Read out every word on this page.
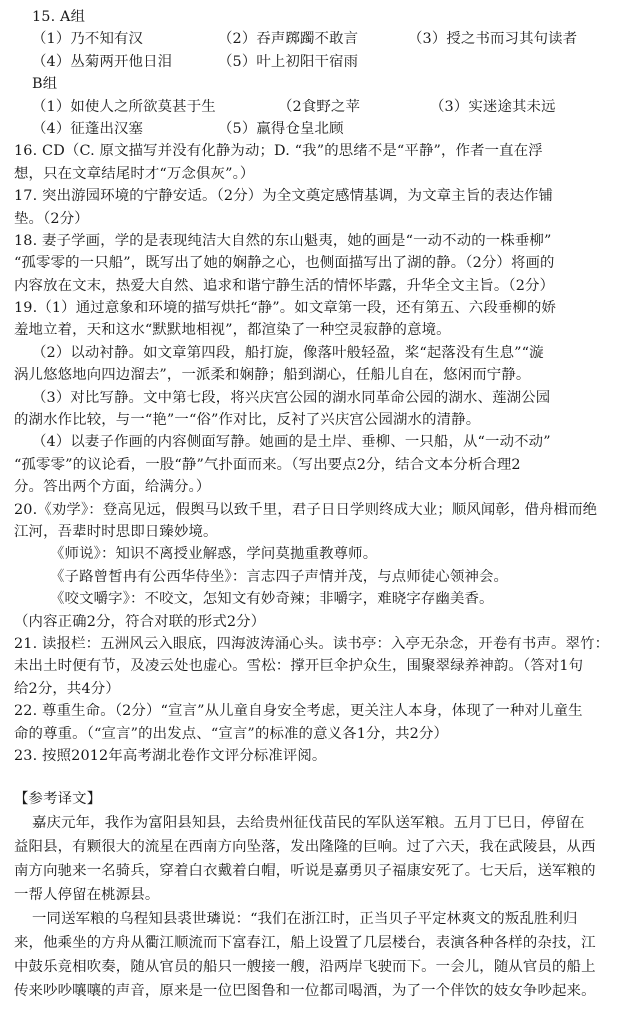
15. A组
（1）乃不知有汉	（2）吞声踯躅不敢言	（3）授之书而习其句读者
（4）丛菊两开他日泪	（5）叶上初阳干宿雨
B组
（1）如使人之所欲莫甚于生	（2食野之苹	（3）实迷途其未远
（4）征蓬出汉塞	（5）羸得仓皇北顾
16. CD（C. 原文描写并没有化静为动；D. “我”的思绪不是“平静”，作者一直在浮
想，只在文章结尾时才“万念俱灰”。）
17. 突出游园环境的宁静安适。（2分）为全文奠定感情基调，为文章主旨的表达作铺
垫。（2分）
18. 妻子学画，学的是表现纯洁大自然的东山魁夷，她的画是“一动不动的一株垂柳”
“孤零零的一只船”，既写出了她的娴静之心，也侧面描写出了湖的静。（2分）将画的
内容放在文末，热爱大自然、追求和谐宁静生活的情怀毕露，升华全文主旨。（2分）
19.（1）通过意象和环境的描写烘托“静”。如文章第一段，还有第五、六段垂柳的娇
羞地立着，天和这水“默默地相视”，都渲染了一种空灵寂静的意境。
（2）以动衬静。如文章第四段，船打旋，像落叶般轻盈，桨“起落没有生息”“漩
涡儿悠悠地向四边溜去”，一派柔和娴静；船到湖心，任船儿自在，悠闲而宁静。
（3）对比写静。文中第七段，将兴庆宫公园的湖水同革命公园的湖水、莲湖公园
的湖水作比较，与一“艳”一“俗”作对比，反衬了兴庆宫公园湖水的清静。
（4）以妻子作画的内容侧面写静。她画的是土岸、垂柳、一只船，从“一动不动”
“孤零零”的议论看，一股“静”气扑面而来。（写出要点2分，结合文本分析合理2
分。答出两个方面，给满分。）
20.《劝学》：登高见远，假舆马以致千里，君子日日学则终成大业；顺风闻彰，借舟楫而绝
江河，吾辈时时思即日臻妙境。
《师说》：知识不离授业解惑，学问莫拋重教尊师。
《子路曾皙冉有公西华侍坐》：言志四子声情并茂，与点师徒心领神会。
《咬文嚼字》：不咬文，怎知文有妙奇辣；非嚼字，难晓字存幽美香。
（内容正确2分，符合对联的形式2分）
21. 读报栏：五洲风云入眼底，四海波涛涌心头。读书亭：入亭无杂念，开卷有书声。翠竹：
未出土时便有节，及凌云处也虚心。雪松：撑开巨伞护众生，围聚翠绿养神韵。（答对1句
给2分，共4分）
22. 尊重生命。（2分）“宣言”从儿童自身安全考虑，更关注人本身，体现了一种对儿童生
命的尊重。（“宣言”的出发点、“宣言”的标准的意义各1分，共2分）
23. 按照2012年高考湖北卷作文评分标准评阅。
【参考译文】
嘉庆元年，我作为富阳县知县，去给贵州征伐苗民的军队送军粮。五月丁巳日，停留在
益阳县，有颗很大的流星在西南方向坠落，发出隆隆的巨响。过了六天，我在武陵县，从西
南方向驰来一名骑兵，穿着白衣戴着白帽，听说是嘉勇贝子福康安死了。七天后，送军粮的
一帮人停留在桃源县。
一同送军粮的乌程知县裘世璘说：“我们在浙江时，正当贝子平定林爽文的叛乱胜利归
来，他乘坐的方舟从衢江顺流而下富春江，船上设置了几层楼台，表演各种各样的杂技，江
中鼓乐竞相吹奏，随从官员的船只一艘接一艘，沿两岸飞驶而下。一会儿，随从官员的船上
传来吵吵嚷嚷的声音，原来是一位巴图鲁和一位都司喝酒，为了一个伴饮的妓女争吵起来。
